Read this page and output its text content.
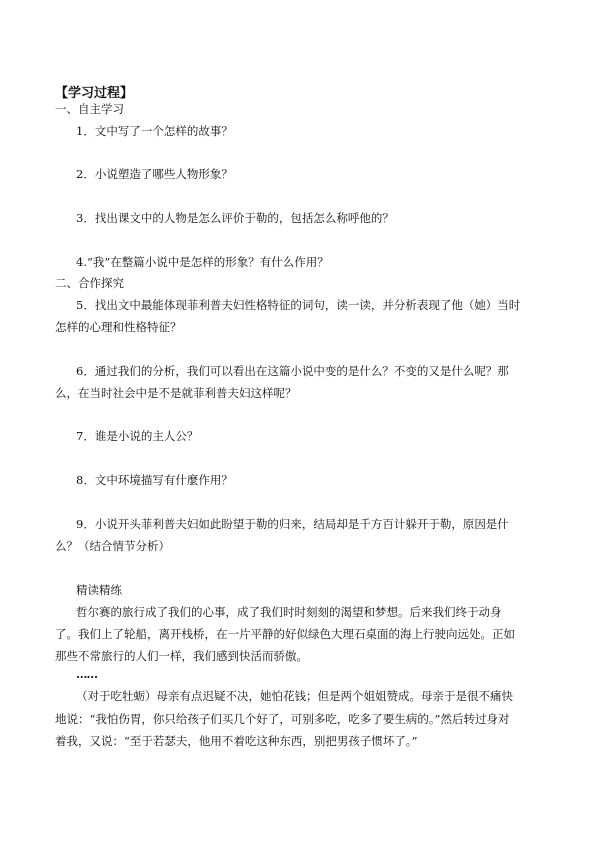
【学习过程】
一、自主学习
1．文中写了一个怎样的故事？
2．小说塑造了哪些人物形象？
3．找出课文中的人物是怎么评价于勒的，包括怎么称呼他的？
4.“我”在整篇小说中是怎样的形象？有什么作用？
二、合作探究
5．找出文中最能体现菲利普夫妇性格特征的词句，读一读，并分析表现了他（她）当时
怎样的心理和性格特征？
6．通过我们的分析，我们可以看出在这篇小说中变的是什么？不变的又是什么呢？那
么，在当时社会中是不是就菲利普夫妇这样呢？
7．谁是小说的主人公？
8．文中环境描写有什麼作用？
9．小说开头菲利普夫妇如此盼望于勒的归来，结局却是千方百计躲开于勒，原因是什
么？（结合情节分析）
精读精练
哲尔赛的旅行成了我们的心事，成了我们时时刻刻的渴望和梦想。后来我们终于动身
了。我们上了轮船，离开栈桥，在一片平静的好似绿色大理石桌面的海上行驶向远处。正如
那些不常旅行的人们一样，我们感到快活而骄傲。
……
（对于吃牡蛎）母亲有点迟疑不决，她怕花钱；但是两个姐姐赞成。母亲于是很不痛快
地说：“我怕伤胃，你只给孩子们买几个好了，可别多吃，吃多了要生病的。”然后转过身对
着我，又说：“至于若瑟夫，他用不着吃这种东西，别把男孩子惯坏了。”
